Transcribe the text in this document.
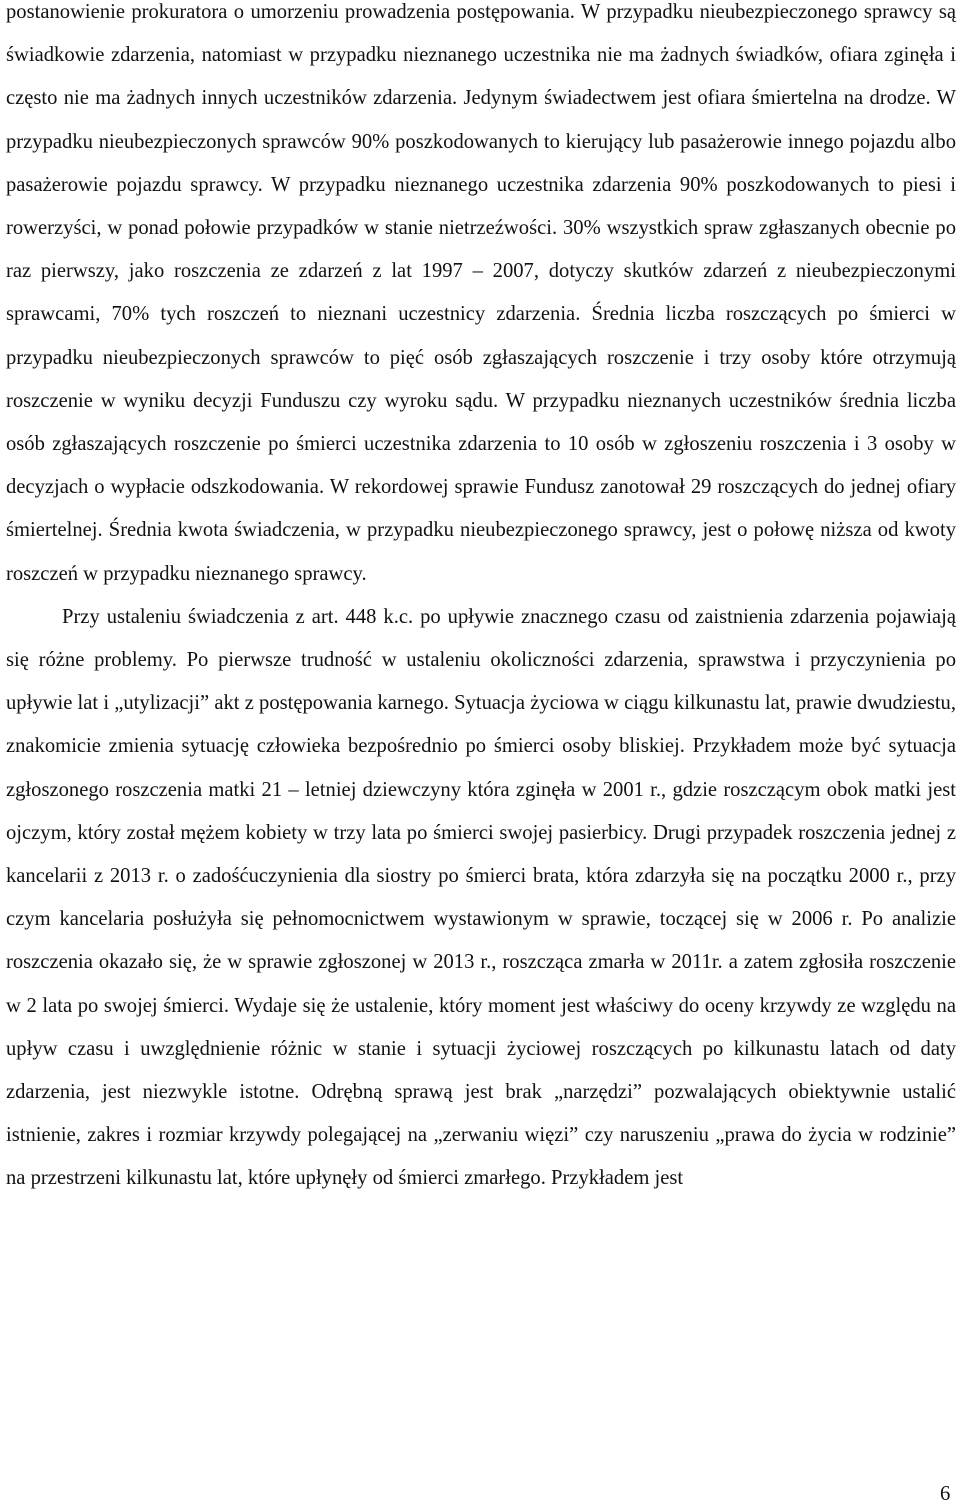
postanowienie prokuratora o umorzeniu prowadzenia postępowania. W przypadku nieubezpieczonego sprawcy są świadkowie zdarzenia, natomiast w przypadku nieznanego uczestnika nie ma żadnych świadków, ofiara zginęła i często nie ma żadnych innych uczestników zdarzenia. Jedynym świadectwem jest ofiara śmiertelna na drodze. W przypadku nieubezpieczonych sprawców 90% poszkodowanych to kierujący lub pasażerowie innego pojazdu albo pasażerowie pojazdu sprawcy. W przypadku nieznanego uczestnika zdarzenia 90% poszkodowanych to piesi i rowerzyści, w ponad połowie przypadków w stanie nietrzeźwości. 30% wszystkich spraw zgłaszanych obecnie po raz pierwszy, jako roszczenia ze zdarzeń z lat 1997 – 2007, dotyczy skutków zdarzeń z nieubezpieczonymi sprawcami, 70% tych roszczeń to nieznani uczestnicy zdarzenia. Średnia liczba roszczących po śmierci w przypadku nieubezpieczonych sprawców to pięć osób zgłaszających roszczenie i trzy osoby które otrzymują roszczenie w wyniku decyzji Funduszu czy wyroku sądu. W przypadku nieznanych uczestników średnia liczba osób zgłaszających roszczenie po śmierci uczestnika zdarzenia to 10 osób w zgłoszeniu roszczenia i 3 osoby w decyzjach o wypłacie odszkodowania. W rekordowej sprawie Fundusz zanotował 29 roszczących do jednej ofiary śmiertelnej. Średnia kwota świadczenia, w przypadku nieubezpieczonego sprawcy, jest o połowę niższa od kwoty roszczeń w przypadku nieznanego sprawcy.

Przy ustaleniu świadczenia z art. 448 k.c. po upływie znacznego czasu od zaistnienia zdarzenia pojawiają się różne problemy. Po pierwsze trudność w ustaleniu okoliczności zdarzenia, sprawstwa i przyczynienia po upływie lat i „utylizacji” akt z postępowania karnego. Sytuacja życiowa w ciągu kilkunastu lat, prawie dwudziestu, znakomicie zmienia sytuację człowieka bezpośrednio po śmierci osoby bliskiej. Przykładem może być sytuacja zgłoszonego roszczenia matki 21 – letniej dziewczyny która zginęła w 2001 r., gdzie roszczącym obok matki jest ojczym, który został mężem kobiety w trzy lata po śmierci swojej pasierbicy. Drugi przypadek roszczenia jednej z kancelarii z 2013 r. o zadośćuczynienia dla siostry po śmierci brata, która zdarzyła się na początku 2000 r., przy czym kancelaria posłużyła się pełnomocnictwem wystawionym w sprawie, toczącej się w 2006 r. Po analizie roszczenia okazało się, że w sprawie zgłoszonej w 2013 r., roszcząca zmarła w 2011r. a zatem zgłosiła roszczenie w 2 lata po swojej śmierci. Wydaje się że ustalenie, który moment jest właściwy do oceny krzywdy ze względu na upływ czasu i uwzględnienie różnic w stanie i sytuacji życiowej roszczących po kilkunastu latach od daty zdarzenia, jest niezwykle istotne. Odrębną sprawą jest brak „narzędzi” pozwalających obiektywnie ustalić istnienie, zakres i rozmiar krzywdy polegającej na „zerwaniu więzi” czy naruszeniu „prawa do życia w rodzinie” na przestrzeni kilkunastu lat, które upłynęły od śmierci zmarłego. Przykładem jest

6
